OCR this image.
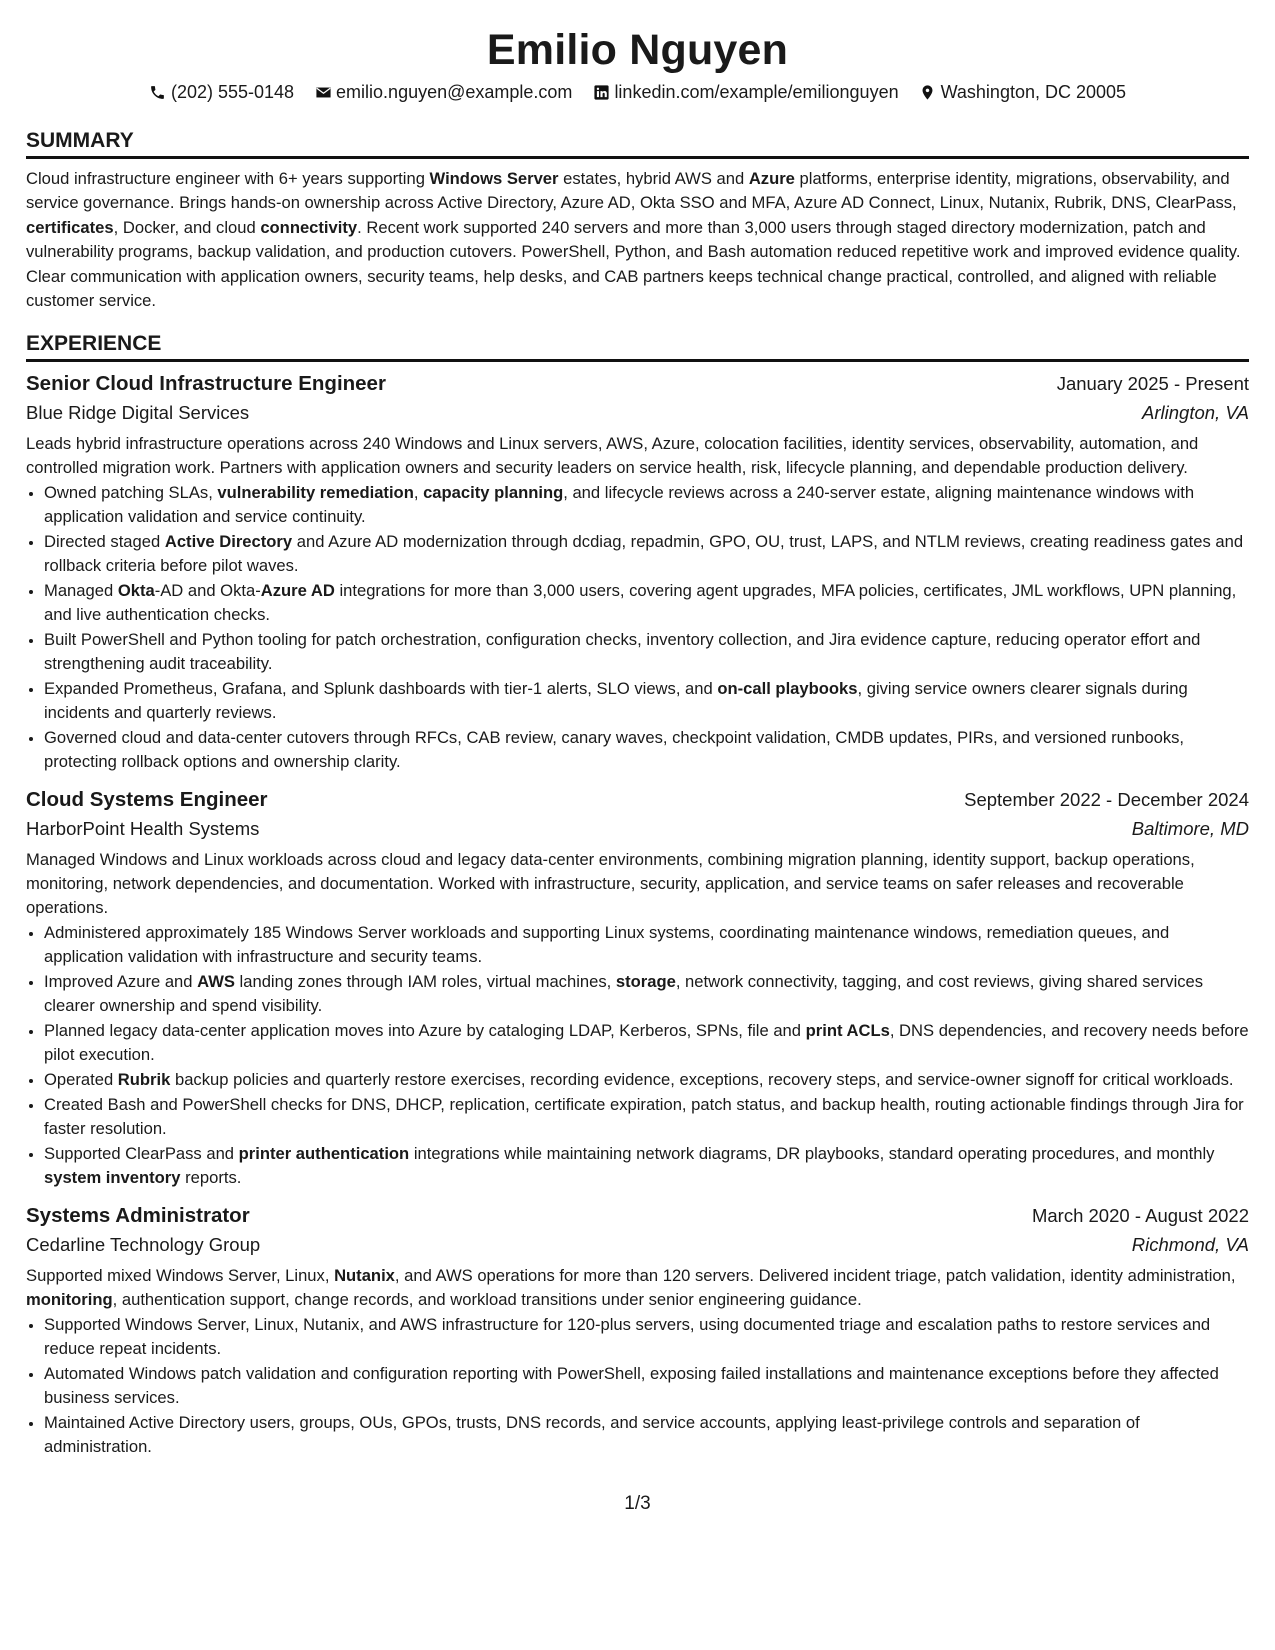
Emilio Nguyen
(202) 555-0148 emilio.nguyen@example.com linkedin.com/example/emilionguyen Washington, DC 20005
SUMMARY
Cloud infrastructure engineer with 6+ years supporting Windows Server estates, hybrid AWS and Azure platforms, enterprise identity, migrations, observability, and service governance. Brings hands-on ownership across Active Directory, Azure AD, Okta SSO and MFA, Azure AD Connect, Linux, Nutanix, Rubrik, DNS, ClearPass, certificates, Docker, and cloud connectivity. Recent work supported 240 servers and more than 3,000 users through staged directory modernization, patch and vulnerability programs, backup validation, and production cutovers. PowerShell, Python, and Bash automation reduced repetitive work and improved evidence quality. Clear communication with application owners, security teams, help desks, and CAB partners keeps technical change practical, controlled, and aligned with reliable customer service.
EXPERIENCE
Senior Cloud Infrastructure Engineer	January 2025 - Present
Blue Ridge Digital Services	Arlington, VA
Leads hybrid infrastructure operations across 240 Windows and Linux servers, AWS, Azure, colocation facilities, identity services, observability, automation, and controlled migration work. Partners with application owners and security leaders on service health, risk, lifecycle planning, and dependable production delivery.
• Owned patching SLAs, vulnerability remediation, capacity planning, and lifecycle reviews across a 240-server estate, aligning maintenance windows with application validation and service continuity.
• Directed staged Active Directory and Azure AD modernization through dcdiag, repadmin, GPO, OU, trust, LAPS, and NTLM reviews, creating readiness gates and rollback criteria before pilot waves.
• Managed Okta-AD and Okta-Azure AD integrations for more than 3,000 users, covering agent upgrades, MFA policies, certificates, JML workflows, UPN planning, and live authentication checks.
• Built PowerShell and Python tooling for patch orchestration, configuration checks, inventory collection, and Jira evidence capture, reducing operator effort and strengthening audit traceability.
• Expanded Prometheus, Grafana, and Splunk dashboards with tier-1 alerts, SLO views, and on-call playbooks, giving service owners clearer signals during incidents and quarterly reviews.
• Governed cloud and data-center cutovers through RFCs, CAB review, canary waves, checkpoint validation, CMDB updates, PIRs, and versioned runbooks, protecting rollback options and ownership clarity.
Cloud Systems Engineer	September 2022 - December 2024
HarborPoint Health Systems	Baltimore, MD
Managed Windows and Linux workloads across cloud and legacy data-center environments, combining migration planning, identity support, backup operations, monitoring, network dependencies, and documentation. Worked with infrastructure, security, application, and service teams on safer releases and recoverable operations.
• Administered approximately 185 Windows Server workloads and supporting Linux systems, coordinating maintenance windows, remediation queues, and application validation with infrastructure and security teams.
• Improved Azure and AWS landing zones through IAM roles, virtual machines, storage, network connectivity, tagging, and cost reviews, giving shared services clearer ownership and spend visibility.
• Planned legacy data-center application moves into Azure by cataloging LDAP, Kerberos, SPNs, file and print ACLs, DNS dependencies, and recovery needs before pilot execution.
• Operated Rubrik backup policies and quarterly restore exercises, recording evidence, exceptions, recovery steps, and service-owner signoff for critical workloads.
• Created Bash and PowerShell checks for DNS, DHCP, replication, certificate expiration, patch status, and backup health, routing actionable findings through Jira for faster resolution.
• Supported ClearPass and printer authentication integrations while maintaining network diagrams, DR playbooks, standard operating procedures, and monthly system inventory reports.
Systems Administrator	March 2020 - August 2022
Cedarline Technology Group	Richmond, VA
Supported mixed Windows Server, Linux, Nutanix, and AWS operations for more than 120 servers. Delivered incident triage, patch validation, identity administration, monitoring, authentication support, change records, and workload transitions under senior engineering guidance.
• Supported Windows Server, Linux, Nutanix, and AWS infrastructure for 120-plus servers, using documented triage and escalation paths to restore services and reduce repeat incidents.
• Automated Windows patch validation and configuration reporting with PowerShell, exposing failed installations and maintenance exceptions before they affected business services.
• Maintained Active Directory users, groups, OUs, GPOs, trusts, DNS records, and service accounts, applying least-privilege controls and separation of administration.
1/3
